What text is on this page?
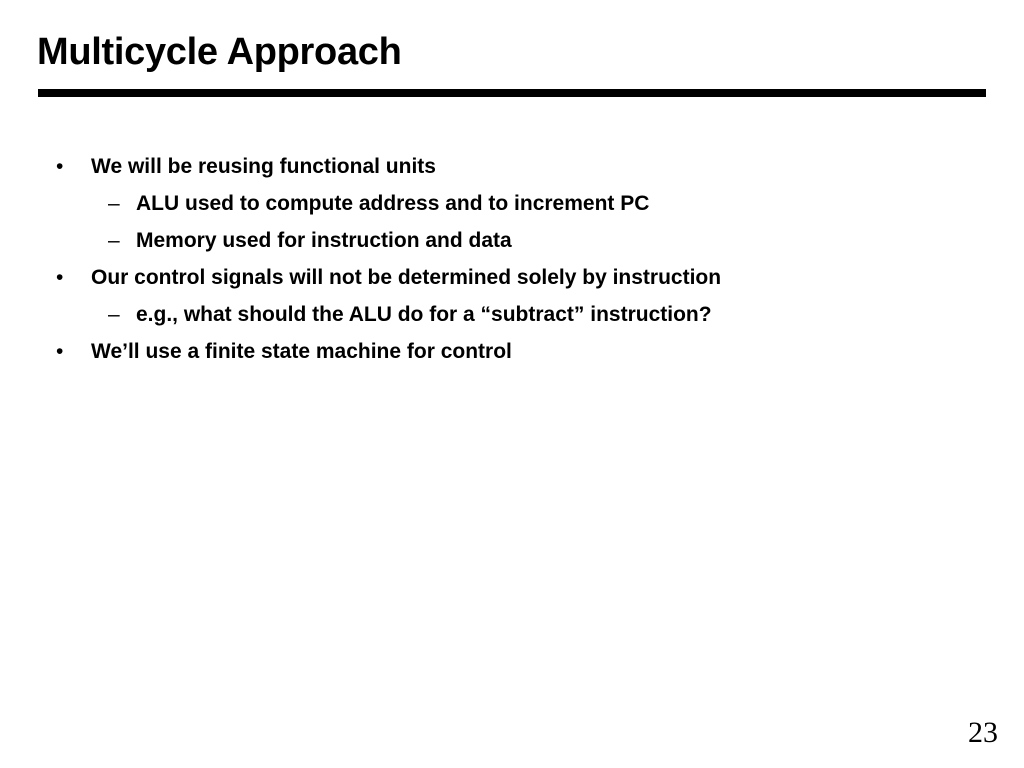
Multicycle Approach
• We will be reusing functional units
– ALU used to compute address and to increment PC
– Memory used for instruction and data
• Our control signals will not be determined solely by instruction
– e.g., what should the ALU do for a “subtract” instruction?
• We’ll use a finite state machine for control
23
